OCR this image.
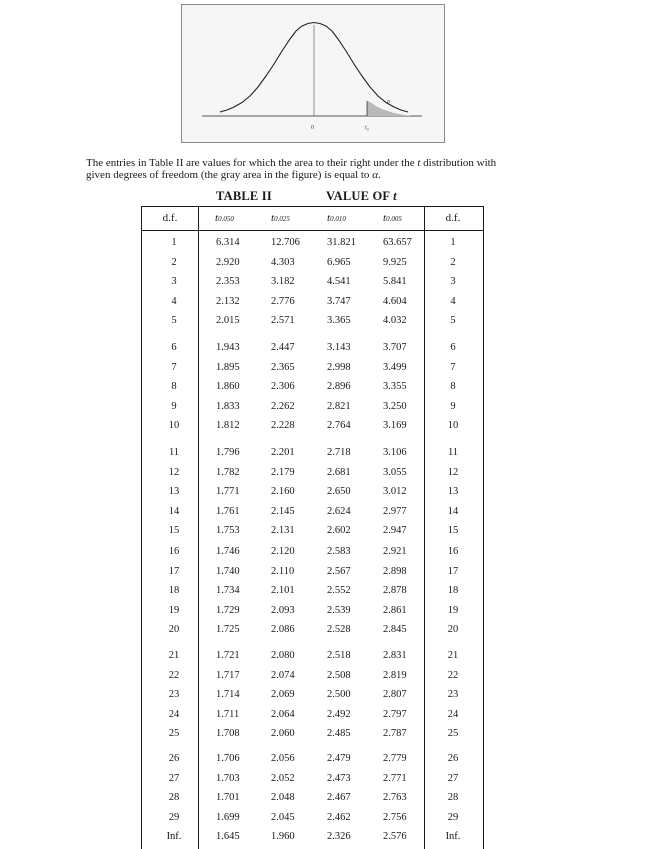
0	$t_\alpha$
α

The entries in Table II are values for which the area to their right under the t distribution with

given degrees of freedom (the gray area in the figure) is equal to α.

TABLE II	VALUE OF t
d.f.	t0.050	t0.025	t0.010	t0.005	d.f.
1	6.314	12.706	31.821	63.657	1
2	2.920	4.303	6.965	9.925	2
3	2.353	3.182	4.541	5.841	3
4	2.132	2.776	3.747	4.604	4
5	2.015	2.571	3.365	4.032	5
6	1.943	2.447	3.143	3.707	6
7	1.895	2.365	2.998	3.499	7
8	1.860	2.306	2.896	3.355	8
9	1.833	2.262	2.821	3.250	9
10	1.812	2.228	2.764	3.169	10
11	1.796	2.201	2.718	3.106	11
12	1.782	2.179	2.681	3.055	12
13	1.771	2.160	2.650	3.012	13
14	1.761	2.145	2.624	2.977	14
15	1.753	2.131	2.602	2.947	15
16	1.746	2.120	2.583	2.921	16
17	1.740	2.110	2.567	2.898	17
18	1.734	2.101	2.552	2.878	18
19	1.729	2.093	2.539	2.861	19
20	1.725	2.086	2.528	2.845	20
21	1.721	2.080	2.518	2.831	21
22	1.717	2.074	2.508	2.819	22
23	1.714	2.069	2.500	2.807	23
24	1.711	2.064	2.492	2.797	24
25	1.708	2.060	2.485	2.787	25
26	1.706	2.056	2.479	2.779	26
27	1.703	2.052	2.473	2.771	27
28	1.701	2.048	2.467	2.763	28
29	1.699	2.045	2.462	2.756	29
Inf.	1.645	1.960	2.326	2.576	Inf.
